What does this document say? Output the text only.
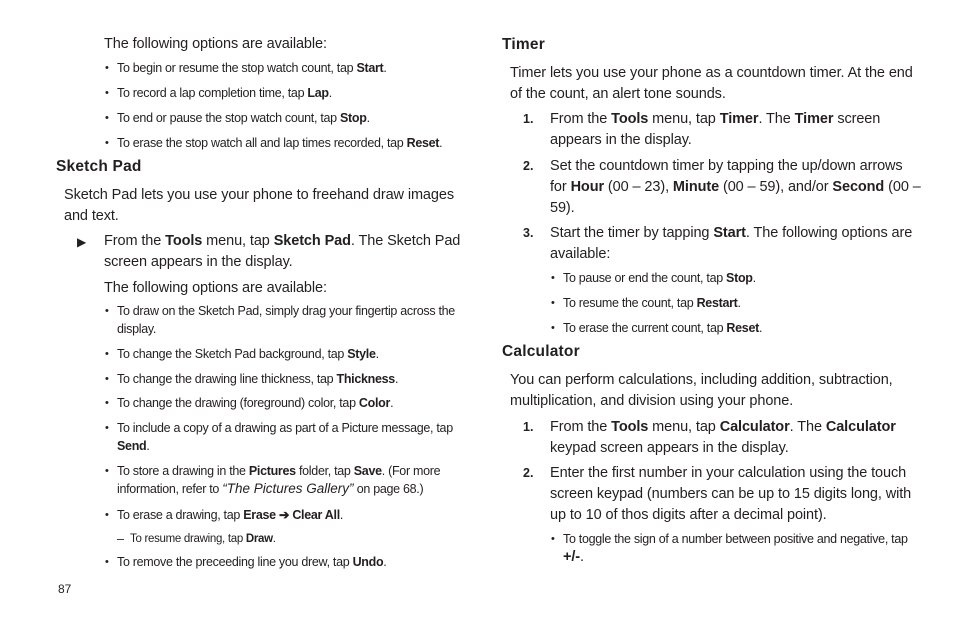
The following options are available:
• To begin or resume the stop watch count, tap Start.
• To record a lap completion time, tap Lap.
• To end or pause the stop watch count, tap Stop.
• To erase the stop watch all and lap times recorded, tap Reset.
Sketch Pad
Sketch Pad lets you use your phone to freehand draw images
and text.
▶ From the Tools menu, tap Sketch Pad. The Sketch Pad
screen appears in the display.
The following options are available:
• To draw on the Sketch Pad, simply drag your fingertip across the
display.
• To change the Sketch Pad background, tap Style.
• To change the drawing line thickness, tap Thickness.
• To change the drawing (foreground) color, tap Color.
• To include a copy of a drawing as part of a Picture message, tap
Send.
• To store a drawing in the Pictures folder, tap Save. (For more
information, refer to “The Pictures Gallery” on page 68.)
• To erase a drawing, tap Erase ➔ Clear All.
– To resume drawing, tap Draw.
• To remove the preceeding line you drew, tap Undo.
87
Timer
Timer lets you use your phone as a countdown timer. At the end
of the count, an alert tone sounds.
1. From the Tools menu, tap Timer. The Timer screen
appears in the display.
2. Set the countdown timer by tapping the up/down arrows
for Hour (00 – 23), Minute (00 – 59), and/or Second (00 –
59).
3. Start the timer by tapping Start. The following options are
available:
• To pause or end the count, tap Stop.
• To resume the count, tap Restart.
• To erase the current count, tap Reset.
Calculator
You can perform calculations, including addition, subtraction,
multiplication, and division using your phone.
1. From the Tools menu, tap Calculator. The Calculator
keypad screen appears in the display.
2. Enter the first number in your calculation using the touch
screen keypad (numbers can be up to 15 digits long, with
up to 10 of thos digits after a decimal point).
• To toggle the sign of a number between positive and negative, tap
+/-.
